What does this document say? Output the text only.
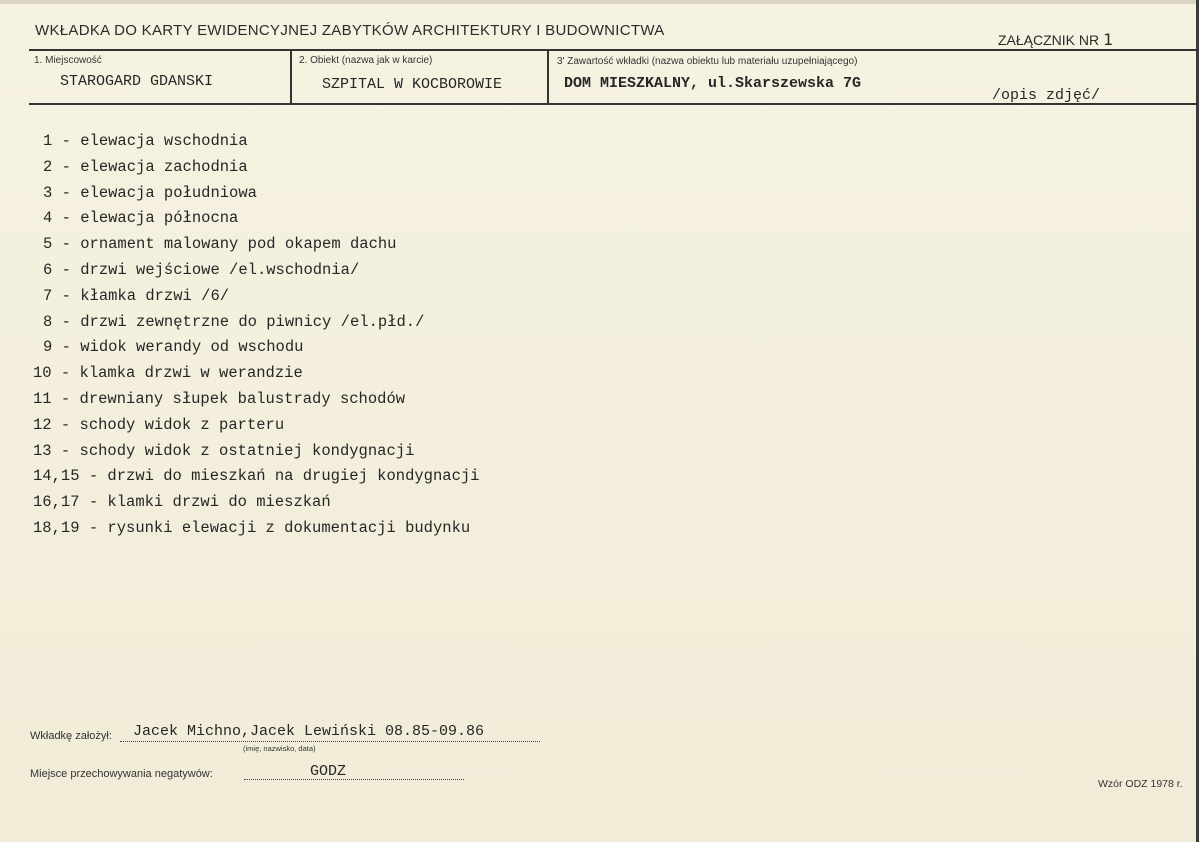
WKŁADKA DO KARTY EWIDENCYJNEJ ZABYTKÓW ARCHITEKTURY I BUDOWNICTWA
ZAŁĄCZNIK NR 1
1. Miejscowość
STAROGARD GDANSKI
2. Obiekt (nazwa jak w karcie)
SZPITAL W KOCBOROWIE
3' Zawartość wkładki (nazwa obiektu lub materiału uzupełniającego)
DOM MIESZKALNY, ul.Skarszewska 7G
/opis zdjęć/
1 - elewacja wschodnia
2 - elewacja zachodnia
3 - elewacja południowa
4 - elewacja północna
5 - ornament malowany pod okapem dachu
6 - drzwi wejściowe /el.wschodnia/
7 - kłamka drzwi /6/
8 - drzwi zewnętrzne do piwnicy /el.płd./
9 - widok werandy od wschodu
10 - klamka drzwi w werandzie
11 - drewniany słupek balustrady schodów
12 - schody widok z parteru
13 - schody widok z ostatniej kondygnacji
14,15 - drzwi do mieszkań na drugiej kondygnacji
16,17 - klamki drzwi do mieszkań
18,19 - rysunki elewacji z dokumentacji budynku
Wkładkę założył: Jacek Michno,Jacek Lewiński 08.85-09.86
(imię, nazwisko, data)
Miejsce przechowywania negatywów:	GODZ
Wzór ODZ 1978 r.
